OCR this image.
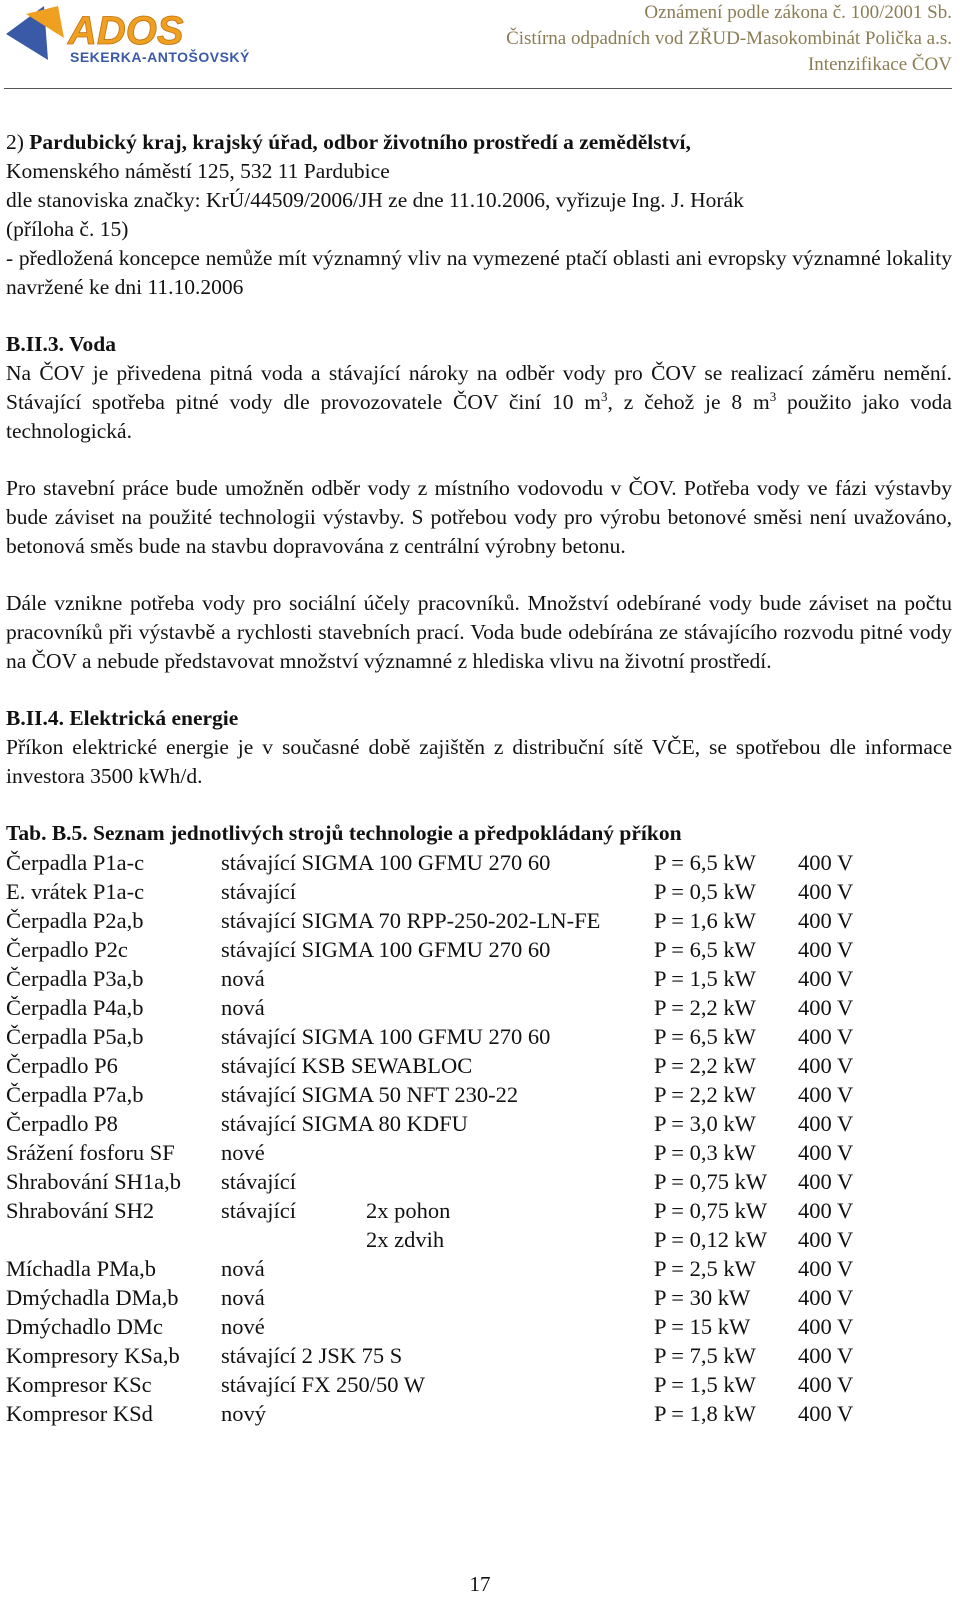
ADOS
SEKERKA-ANTOŠOVSKÝ
Oznámení podle zákona č. 100/2001 Sb.
Čistírna odpadních vod ZŘUD-Masokombinát Polička a.s.
Intenzifikace ČOV

2) Pardubický kraj, krajský úřad, odbor životního prostředí a zemědělství,

Komenského náměstí 125, 532 11 Pardubice

dle stanoviska značky: KrÚ/44509/2006/JH ze dne 11.10.2006, vyřizuje Ing. J. Horák

(příloha č. 15)

- předložená koncepce nemůže mít významný vliv na vymezené ptačí oblasti ani evropsky významné lokality navržené ke dni 11.10.2006

B.II.3. Voda

Na ČOV je přivedena pitná voda a stávající nároky na odběr vody pro ČOV se realizací záměru nemění. Stávající spotřeba pitné vody dle provozovatele ČOV činí 10 $m^3$, z čehož je 8 $m^3$ použito jako voda technologická.

Pro stavební práce bude umožněn odběr vody z místního vodovodu v ČOV. Potřeba vody ve fázi výstavby bude záviset na použité technologii výstavby. S potřebou vody pro výrobu betonové směsi není uvažováno, betonová směs bude na stavbu dopravována z centrální výrobny betonu.

Dále vznikne potřeba vody pro sociální účely pracovníků. Množství odebírané vody bude záviset na počtu pracovníků při výstavbě a rychlosti stavebních prací. Voda bude odebírána ze stávajícího rozvodu pitné vody na ČOV a nebude představovat množství významné z hlediska vlivu na životní prostředí.

B.II.4. Elektrická energie

Příkon elektrické energie je v současné době zajištěn z distribuční sítě VČE, se spotřebou dle informace investora 3500 kWh/d.

Tab. B.5. Seznam jednotlivých strojů technologie a předpokládaný příkon

Čerpadla P1a-c	stávající SIGMA 100 GFMU 270 60		P = 6,5 kW	400 V
E. vrátek P1a-c	stávající		P = 0,5 kW	400 V
Čerpadla P2a,b	stávající SIGMA 70 RPP-250-202-LN-FE		P = 1,6 kW	400 V
Čerpadlo P2c	stávající SIGMA 100 GFMU 270 60		P = 6,5 kW	400 V
Čerpadla P3a,b	nová		P = 1,5 kW	400 V
Čerpadla P4a,b	nová		P = 2,2 kW	400 V
Čerpadla P5a,b	stávající SIGMA 100 GFMU 270 60		P = 6,5 kW	400 V
Čerpadlo P6	stávající KSB SEWABLOC		P = 2,2 kW	400 V
Čerpadla P7a,b	stávající SIGMA 50 NFT 230-22		P = 2,2 kW	400 V
Čerpadlo P8	stávající SIGMA 80 KDFU		P = 3,0 kW	400 V
Srážení fosforu SF	nové		P = 0,3 kW	400 V
Shrabování SH1a,b	stávající		P = 0,75 kW	400 V
Shrabování SH2	stávající	2x pohon	P = 0,75 kW	400 V
		2x zdvih	P = 0,12 kW	400 V
Míchadla PMa,b	nová		P = 2,5 kW	400 V
Dmýchadla DMa,b	nová		P = 30 kW	400 V
Dmýchadlo DMc	nové		P = 15 kW	400 V
Kompresory KSa,b	stávající 2 JSK 75 S		P = 7,5 kW	400 V
Kompresor KSc	stávající FX 250/50 W		P = 1,5 kW	400 V
Kompresor KSd	nový		P = 1,8 kW	400 V
17
